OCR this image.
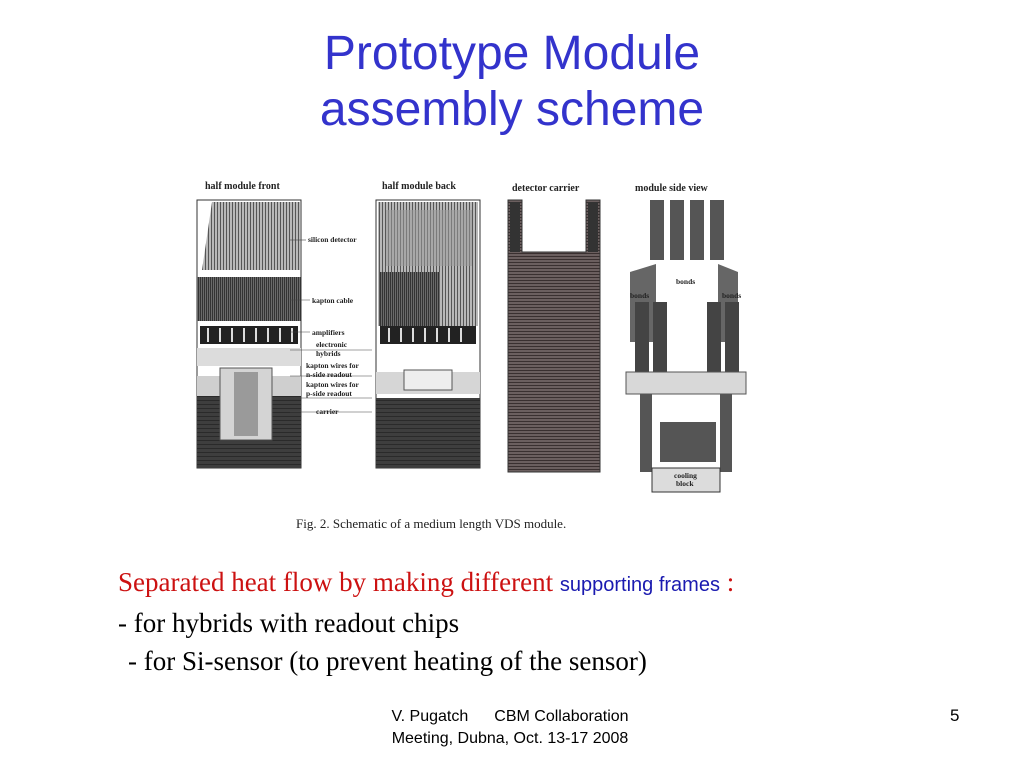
Prototype Module
assembly scheme
half module front	half module back	detector carrier	module side view
silicon detector
kapton cable
amplifiers
electronic
hybrids
kapton wires for
n-side readout
kapton wires for
p-side readout
carrier
bonds
bonds	bonds
cooling
block
Fig. 2. Schematic of a medium length VDS module.
Separated heat flow by making different supporting frames :
- for hybrids with readout chips
- for Si-sensor (to prevent heating of the sensor)
V. Pugatch CBM Collaboration
Meeting, Dubna, Oct. 13-17 2008
5
